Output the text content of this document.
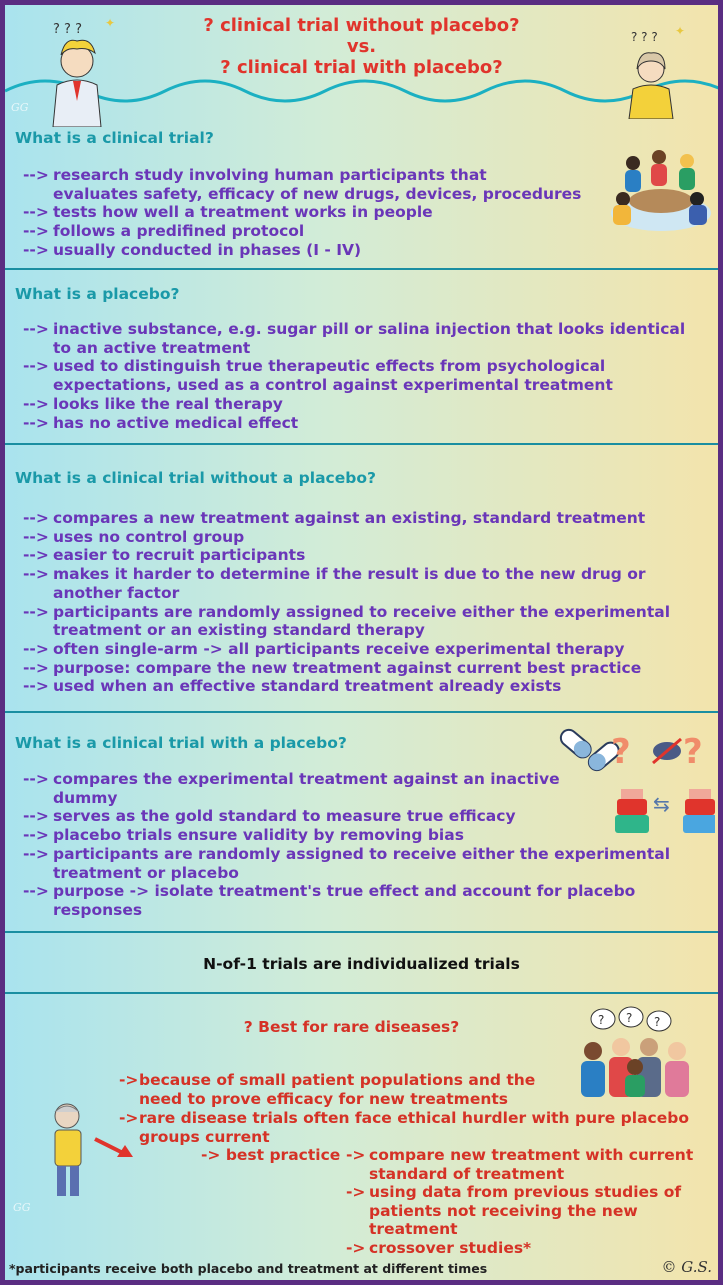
? clinical trial without placebo?
vs.
? clinical trial with placebo?
? ? ? ✦
? ? ? ✦
GG
What is a clinical trial?
--> research study involving human participants that
evaluates safety, efficacy of new drugs, devices, procedures
--> tests how well a treatment works in people
--> follows a predifined protocol
--> usually conducted in phases (I - IV)
What is a placebo?
--> inactive substance, e.g. sugar pill or salina injection that looks identical
to an active treatment
--> used to distinguish true therapeutic effects from psychological
expectations, used as a control against experimental treatment
--> looks like the real therapy
--> has no active medical effect
What is a clinical trial without a placebo?
--> compares a new treatment against an existing, standard treatment
--> uses no control group
--> easier to recruit participants
--> makes it harder to determine if the result is due to the new drug or
another factor
--> participants are randomly assigned to receive either the experimental
treatment or an existing standard therapy
--> often single-arm -> all participants receive experimental therapy
--> purpose: compare the new treatment against current best practice
--> used when an effective standard treatment already exists
What is a clinical trial with a placebo?
--> compares the experimental treatment against an inactive
dummy
--> serves as the gold standard to measure true efficacy
--> placebo trials ensure validity by removing bias
--> participants are randomly assigned to receive either the experimental
treatment or placebo
--> purpose -> isolate treatment's true effect and account for placebo
responses
? ?
⇆
N-of-1 trials are individualized trials
? Best for rare diseases?
-> because of small patient populations and the
need to prove efficacy for new treatments
-> rare disease trials often face ethical hurdler with pure placebo
groups current
-> best practice -> compare new treatment with current
standard of treatment
-> using data from previous studies of
patients not receiving the new
treatment
-> crossover studies*
? ? ?
GG
*participants receive both placebo and treatment at different times	© G.S.
